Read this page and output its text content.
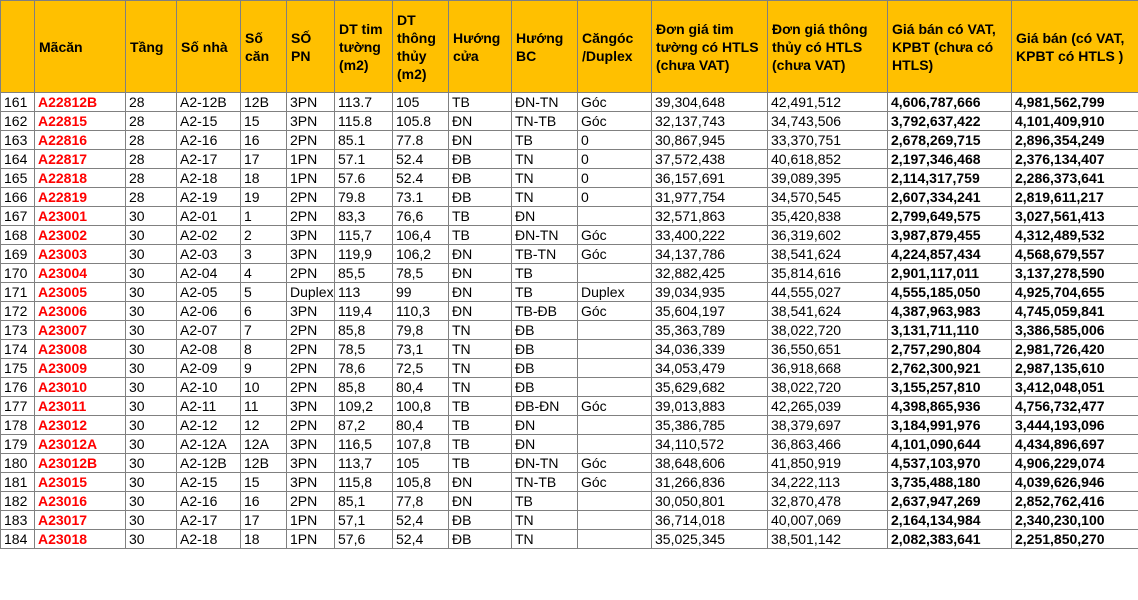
	Mãcăn	Tầng	Số nhà	Số căn	SỐ PN	DT tim tường (m2)	DT thông thủy (m2)	Hướng cửa	Hướng BC	Căngóc /Duplex	Đơn giá tim tường có HTLS (chưa VAT)	Đơn giá thông thủy có HTLS (chưa VAT)	Giá bán có VAT, KPBT (chưa có HTLS)	Giá bán (có VAT, KPBT có HTLS )
161	A22812B	28	A2-12B	12B	3PN	113.7	105	TB	ĐN-TN	Góc	39,304,648	42,491,512	4,606,787,666	4,981,562,799
162	A22815	28	A2-15	15	3PN	115.8	105.8	ĐN	TN-TB	Góc	32,137,743	34,743,506	3,792,637,422	4,101,409,910
163	A22816	28	A2-16	16	2PN	85.1	77.8	ĐN	TB	0	30,867,945	33,370,751	2,678,269,715	2,896,354,249
164	A22817	28	A2-17	17	1PN	57.1	52.4	ĐB	TN	0	37,572,438	40,618,852	2,197,346,468	2,376,134,407
165	A22818	28	A2-18	18	1PN	57.6	52.4	ĐB	TN	0	36,157,691	39,089,395	2,114,317,759	2,286,373,641
166	A22819	28	A2-19	19	2PN	79.8	73.1	ĐB	TN	0	31,977,754	34,570,545	2,607,334,241	2,819,611,217
167	A23001	30	A2-01	1	2PN	83,3	76,6	TB	ĐN		32,571,863	35,420,838	2,799,649,575	3,027,561,413
168	A23002	30	A2-02	2	3PN	115,7	106,4	TB	ĐN-TN	Góc	33,400,222	36,319,602	3,987,879,455	4,312,489,532
169	A23003	30	A2-03	3	3PN	119,9	106,2	ĐN	TB-TN	Góc	34,137,786	38,541,624	4,224,857,434	4,568,679,557
170	A23004	30	A2-04	4	2PN	85,5	78,5	ĐN	TB		32,882,425	35,814,616	2,901,117,011	3,137,278,590
171	A23005	30	A2-05	5	Duplex	113	99	ĐN	TB	Duplex	39,034,935	44,555,027	4,555,185,050	4,925,704,655
172	A23006	30	A2-06	6	3PN	119,4	110,3	ĐN	TB-ĐB	Góc	35,604,197	38,541,624	4,387,963,983	4,745,059,841
173	A23007	30	A2-07	7	2PN	85,8	79,8	TN	ĐB		35,363,789	38,022,720	3,131,711,110	3,386,585,006
174	A23008	30	A2-08	8	2PN	78,5	73,1	TN	ĐB		34,036,339	36,550,651	2,757,290,804	2,981,726,420
175	A23009	30	A2-09	9	2PN	78,6	72,5	TN	ĐB		34,053,479	36,918,668	2,762,300,921	2,987,135,610
176	A23010	30	A2-10	10	2PN	85,8	80,4	TN	ĐB		35,629,682	38,022,720	3,155,257,810	3,412,048,051
177	A23011	30	A2-11	11	3PN	109,2	100,8	TB	ĐB-ĐN	Góc	39,013,883	42,265,039	4,398,865,936	4,756,732,477
178	A23012	30	A2-12	12	2PN	87,2	80,4	TB	ĐN		35,386,785	38,379,697	3,184,991,976	3,444,193,096
179	A23012A	30	A2-12A	12A	3PN	116,5	107,8	TB	ĐN		34,110,572	36,863,466	4,101,090,644	4,434,896,697
180	A23012B	30	A2-12B	12B	3PN	113,7	105	TB	ĐN-TN	Góc	38,648,606	41,850,919	4,537,103,970	4,906,229,074
181	A23015	30	A2-15	15	3PN	115,8	105,8	ĐN	TN-TB	Góc	31,266,836	34,222,113	3,735,488,180	4,039,626,946
182	A23016	30	A2-16	16	2PN	85,1	77,8	ĐN	TB		30,050,801	32,870,478	2,637,947,269	2,852,762,416
183	A23017	30	A2-17	17	1PN	57,1	52,4	ĐB	TN		36,714,018	40,007,069	2,164,134,984	2,340,230,100
184	A23018	30	A2-18	18	1PN	57,6	52,4	ĐB	TN		35,025,345	38,501,142	2,082,383,641	2,251,850,270
